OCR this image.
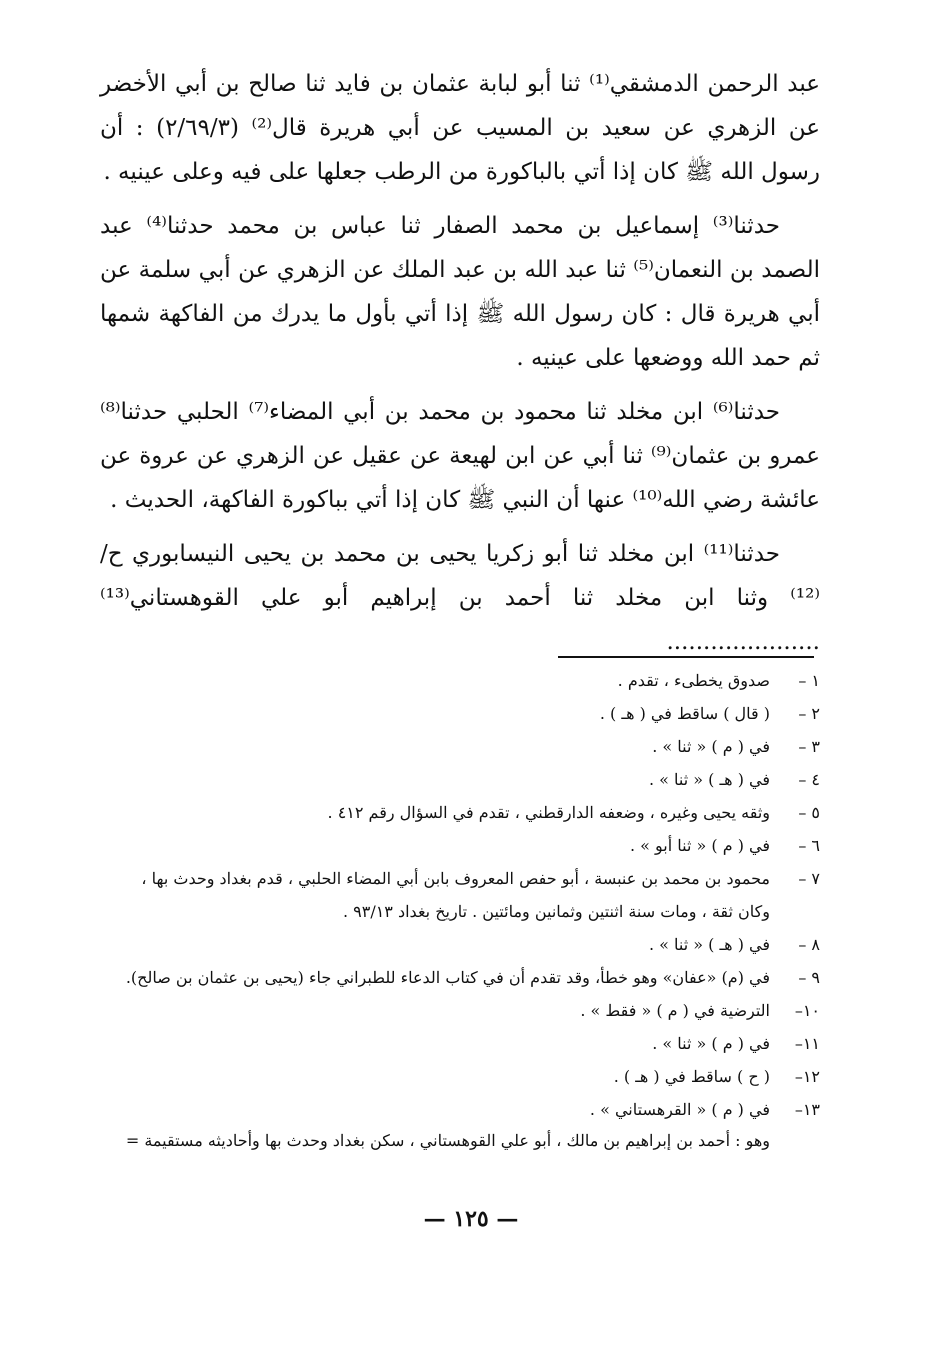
عبد الرحمن الدمشقي⁽¹⁾ ثنا أبو لبابة عثمان بن فايد ثنا صالح بن أبي الأخضر عن الزهري عن سعيد بن المسيب عن أبي هريرة قال⁽²⁾ (٢/٦٩/٣) : أن رسول الله ﷺ كان إذا أتي بالباكورة من الرطب جعلها على فيه وعلى عينيه .

حدثنا⁽³⁾ إسماعيل بن محمد الصفار ثنا عباس بن محمد حدثنا⁽⁴⁾ عبد الصمد بن النعمان⁽⁵⁾ ثنا عبد الله بن عبد الملك عن الزهري عن أبي سلمة عن أبي هريرة قال : كان رسول الله ﷺ إذا أتي بأول ما يدرك من الفاكهة شمها ثم حمد الله ووضعها على عينيه .

حدثنا⁽⁶⁾ ابن مخلد ثنا محمود بن محمد بن أبي المضاء⁽⁷⁾ الحلبي حدثنا⁽⁸⁾ عمرو بن عثمان⁽⁹⁾ ثنا أبي عن ابن لهيعة عن عقيل عن الزهري عن عروة عن عائشة رضي الله⁽¹⁰⁾ عنها أن النبي ﷺ كان إذا أتي بباكورة الفاكهة، الحديث .

حدثنا⁽¹¹⁾ ابن مخلد ثنا أبو زكريا يحيى بن محمد بن يحيى النيسابوري ح/⁽¹²⁾ وثنا ابن مخلد ثنا أحمد بن إبراهيم أبو علي القوهستاني⁽¹³⁾ .....................

١ –
صدوق يخطىء ، تقدم .
٢ –
( قال ) ساقط في ( هـ ) .
٣ –
في ( م ) « ثنا » .
٤ –
في ( هـ ) « ثنا » .
٥ –
وثقه يحيى وغيره ، وضعفه الدارقطني ، تقدم في السؤال رقم ٤١٢ .
٦ –
في ( م ) « ثنا أبو » .
٧ –
محمود بن محمد بن عنبسة ، أبو حفص المعروف بابن أبي المضاء الحلبي ، قدم بغداد وحدث بها ،
وكان ثقة ، ومات سنة اثنتين وثمانين ومائتين . تاريخ بغداد ٩٣/١٣ .
٨ –
في ( هـ ) « ثنا » .
٩ –
في (م) «عفان» وهو خطأ، وقد تقدم أن في كتاب الدعاء للطبراني جاء (يحيى بن عثمان بن صالح).
١٠–
الترضية في ( م ) « فقط » .
١١–
في ( م ) « ثنا » .
١٢–
( ح ) ساقط في ( هـ ) .
١٣–
في ( م ) « القرهستاني » .
وهو : أحمد بن إبراهيم بن مالك ، أبو علي القوهستاني ، سكن بغداد وحدث بها وأحاديثه مستقيمة =
— ١٢٥ —
